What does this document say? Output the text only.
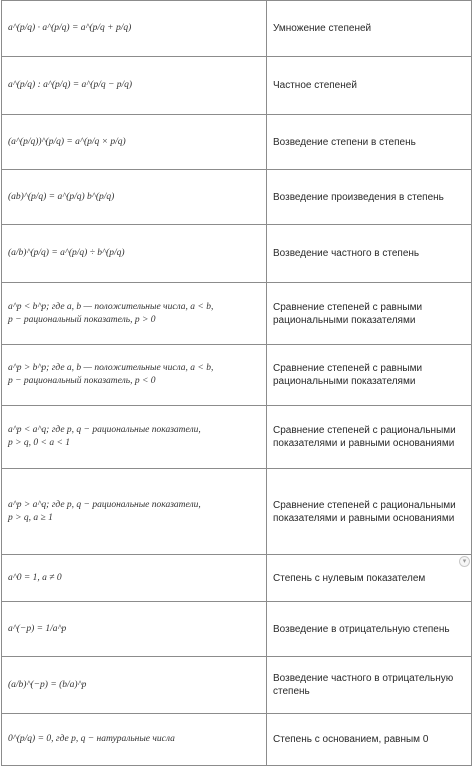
a^(p/q) · a^(p/q) = a^(p/q + p/q)	Умножение степеней

a^(p/q) : a^(p/q) = a^(p/q − p/q)	Частное степеней

(a^(p/q))^(p/q) = a^(p/q × p/q)	Возведение степени в степень

(ab)^(p/q) = a^(p/q) b^(p/q)	Возведение произведения в степень

(a/b)^(p/q) = a^(p/q) ÷ b^(p/q)	Возведение частного в степень

a^p < b^p; где a, b — положительные числа, a < b,
p − рациональный показатель, p > 0	Сравнение степеней с равными рациональными показателями

a^p > b^p; где a, b — положительные числа, a < b,
p − рациональный показатель, p < 0	Сравнение степеней с равными рациональными показателями

a^p < a^q; где p, q − рациональные показатели,
p > q, 0 < a < 1	Сравнение степеней с рациональными показателями и равными основаниями

a^p > a^q; где p, q − рациональные показатели,
p > q, a ≥ 1	Сравнение степеней с рациональными показателями и равными основаниями

a^0 = 1, a ≠ 0	Степень с нулевым показателем

a^(−p) = 1/a^p	Возведение в отрицательную степень

(a/b)^(−p) = (b/a)^p	Возведение частного в отрицательную степень

0^(p/q) = 0, где p, q − натуральные числа	Степень с основанием, равным 0
▾
